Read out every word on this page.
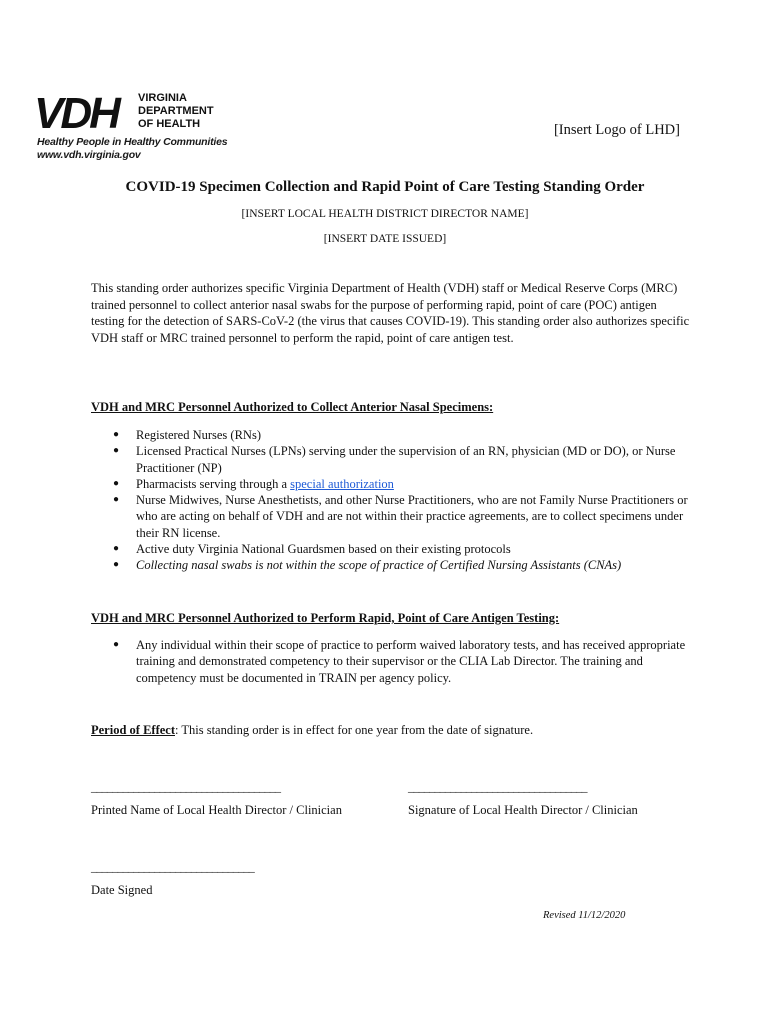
VDH	VIRGINIA
DEPARTMENT
OF HEALTH
Healthy People in Healthy Communities
www.vdh.virginia.gov
[Insert Logo of LHD]
COVID-19 Specimen Collection and Rapid Point of Care Testing Standing Order
[INSERT LOCAL HEALTH DISTRICT DIRECTOR NAME]
[INSERT DATE ISSUED]

This standing order authorizes specific Virginia Department of Health (VDH) staff or Medical Reserve Corps (MRC) trained personnel to collect anterior nasal swabs for the purpose of performing rapid, point of care (POC) antigen testing for the detection of SARS-CoV-2 (the virus that causes COVID-19). This standing order also authorizes specific VDH staff or MRC trained personnel to perform the rapid, point of care antigen test.

VDH and MRC Personnel Authorized to Collect Anterior Nasal Specimens:

● Registered Nurses (RNs)
● Licensed Practical Nurses (LPNs) serving under the supervision of an RN, physician (MD or DO), or Nurse Practitioner (NP)
● Pharmacists serving through a special authorization
● Nurse Midwives, Nurse Anesthetists, and other Nurse Practitioners, who are not Family Nurse Practitioners or who are acting on behalf of VDH and are not within their practice agreements, are to collect specimens under their RN license.
● Active duty Virginia National Guardsmen based on their existing protocols
● Collecting nasal swabs is not within the scope of practice of Certified Nursing Assistants (CNAs)

VDH and MRC Personnel Authorized to Perform Rapid, Point of Care Antigen Testing:

● Any individual within their scope of practice to perform waived laboratory tests, and has received appropriate training and demonstrated competency to their supervisor or the CLIA Lab Director. The training and competency must be documented in TRAIN per agency policy.

Period of Effect: This standing order is in effect for one year from the date of signature.

____________________________________	__________________________________
Printed Name of Local Health Director / Clinician	Signature of Local Health Director / Clinician
_______________________________
Date Signed
Revised 11/12/2020
